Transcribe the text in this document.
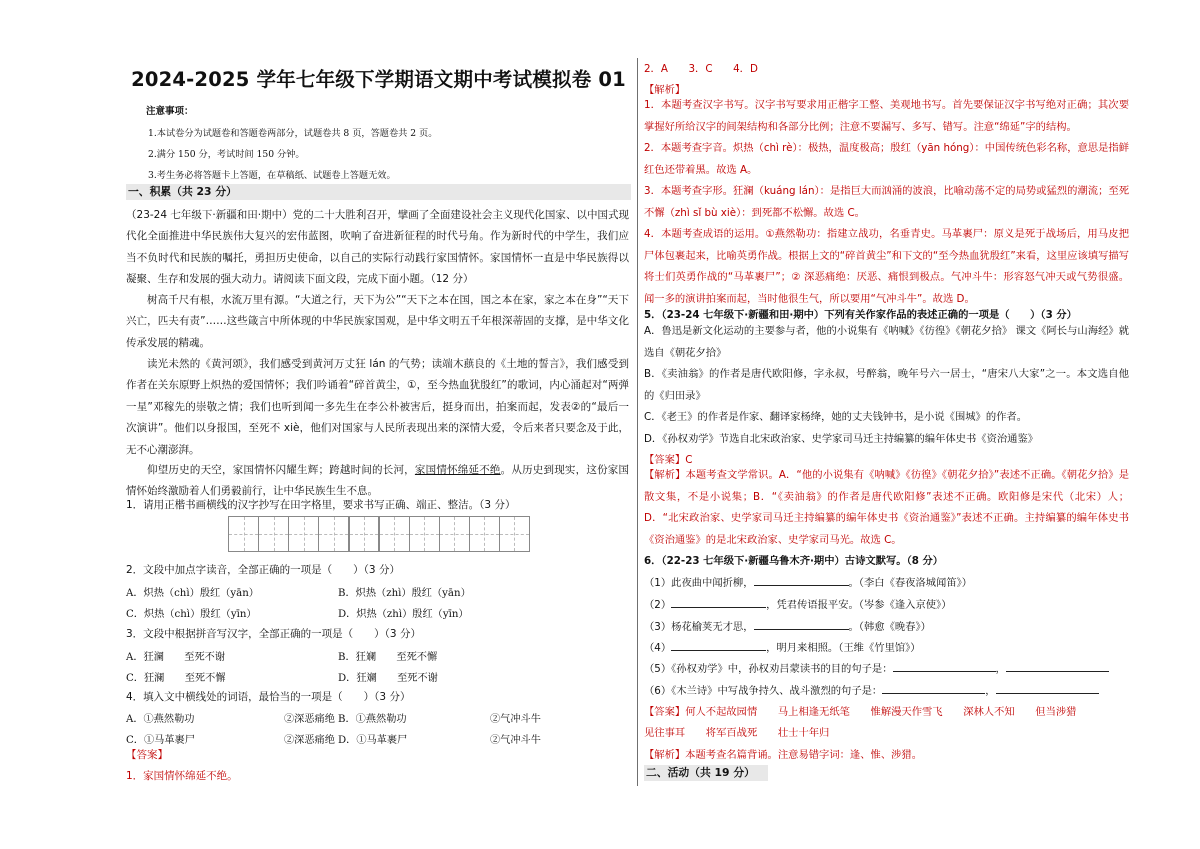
2024-2025 学年七年级下学期语文期中考试模拟卷 01
注意事项：
1.本试卷分为试题卷和答题卷两部分，试题卷共 8 页，答题卷共 2 页。
2.满分 150 分，考试时间 150 分钟。
3.考生务必将答题卡上答题，在草稿纸、试题卷上答题无效。
一、积累（共 23 分）
（23-24 七年级下·新疆和田·期中）党的二十大胜利召开，擘画了全面建设社会主义现代化国家、以中国式现代化全面推进中华民族伟大复兴的宏伟蓝图，吹响了奋进新征程的时代号角。作为新时代的中学生，我们应当不负时代和民族的嘱托，勇担历史使命，以自己的实际行动践行家国情怀。家国情怀一直是中华民族得以凝聚、生存和发展的强大动力。请阅读下面文段，完成下面小题。（12 分）
树高千尺有根，水流万里有源。“大道之行，天下为公”“天下之本在国，国之本在家，家之本在身”“天下兴亡，匹夫有责”……这些箴言中所体现的中华民族家国观，是中华文明五千年根深蒂固的支撑，是中华文化传承发展的精魂。
读光未然的《黄河颂》，我们感受到黄河万丈狂 lán 的气势；读端木蕻良的《土地的誓言》，我们感受到作者在关东原野上炽热的爱国情怀；我们吟诵着“碎首黄尘，①，至今热血犹殷红”的歌词，内心涌起对“两弹一星”邓稼先的崇敬之情；我们也听到闻一多先生在李公朴被害后，挺身而出，拍案而起，发表②的“最后一次演讲”。他们以身报国，至死不 xiè，他们对国家与人民所表现出来的深情大爱，令后来者只要念及于此，无不心潮澎湃。
仰望历史的天空，家国情怀闪耀生辉；跨越时间的长河，家国情怀绵延不绝。从历史到现实，这份家国情怀始终激励着人们勇毅前行，让中华民族生生不息。
1．请用正楷书画横线的汉字抄写在田字格里，要求书写正确、端正、整洁。（3 分）
2．文段中加点字读音，全部正确的一项是（　　）（3 分）
A．炽热（chì）殷红（yān）	B．炽热（zhì）殷红（yān）
C．炽热（chì）殷红（yīn）	D．炽热（zhì）殷红（yīn）
3．文段中根据拼音写汉字，全部正确的一项是（　　）（3 分）
A．狂澜　　至死不谢	B．狂斓　　至死不懈
C．狂澜　　至死不懈	D．狂斓　　至死不谢
4．填入文中横线处的词语，最恰当的一项是（　　）（3 分）
A．①燕然勒功	②深恶痛绝 B．①燕然勒功	②气冲斗牛
C．①马革裹尸	②深恶痛绝 D．①马革裹尸	②气冲斗牛
【答案】
1．家国情怀绵延不绝。
2．A　　3．C　　4．D
【解析】
1．本题考查汉字书写。汉字书写要求用正楷字工整、美观地书写。首先要保证汉字书写绝对正确；其次要掌握好所给汉字的间架结构和各部分比例；注意不要漏写、多写、错写。注意“绵延”字的结构。
2．本题考查字音。炽热（chì rè）：极热，温度极高；殷红（yān hóng）：中国传统色彩名称，意思是指鲜红色还带着黑。故选 A。
3．本题考查字形。狂澜（kuáng lán）：是指巨大而汹涌的波浪，比喻动荡不定的局势或猛烈的潮流；至死不懈（zhì sǐ bù xiè）：到死都不松懈。故选 C。
4．本题考查成语的运用。①燕然勒功：指建立战功，名垂青史。马革裹尸：原义是死于战场后，用马皮把尸体包裹起来，比喻英勇作战。根据上文的“碎首黄尘”和下文的“至今热血犹殷红”来看，这里应该填写描写将士们英勇作战的“马革裹尸”；② 深恶痛绝：厌恶、痛恨到极点。气冲斗牛：形容怒气冲天或气势很盛。闻一多的演讲拍案而起，当时他很生气，所以要用“气冲斗牛”。故选 D。
5．（23-24 七年级下·新疆和田·期中）下列有关作家作品的表述正确的一项是（　　）（3 分）
A．鲁迅是新文化运动的主要参与者，他的小说集有《呐喊》《彷徨》《朝花夕拾》 课文《阿长与山海经》就选自《朝花夕拾》
B．《卖油翁》的作者是唐代欧阳修，字永叔，号醉翁，晚年号六一居士，“唐宋八大家”之一。本文选自他的《归田录》
C．《老王》的作者是作家、翻译家杨绛，她的丈夫钱钟书，是小说《围城》的作者。
D．《孙权劝学》节选自北宋政治家、史学家司马迁主持编纂的编年体史书《资治通鉴》
【答案】C
【解析】本题考查文学常识。A．“他的小说集有《呐喊》《彷徨》《朝花夕拾》”表述不正确。《朝花夕拾》是散文集，不是小说集；B．“《卖油翁》的作者是唐代欧阳修”表述不正确。欧阳修是宋代（北宋）人；D．“北宋政治家、史学家司马迁主持编纂的编年体史书《资治通鉴》”表述不正确。主持编纂的编年体史书《资治通鉴》的是北宋政治家、史学家司马光。故选 C。
6．（22-23 七年级下·新疆乌鲁木齐·期中）古诗文默写。（8 分）
（1）此夜曲中闻折柳，	。（李白《春夜洛城闻笛》）
（2）	，凭君传语报平安。（岑参《逢入京使》）
（3）杨花榆荚无才思，	。（韩愈《晚春》）
（4）	，明月来相照。（王维《竹里馆》）
（5）《孙权劝学》中，孙权劝吕蒙读书的目的句子是：	，
（6）《木兰诗》中写战争持久、战斗激烈的句子是：	，
【答案】何人不起故园情　　马上相逢无纸笔　　惟解漫天作雪飞　　深林人不知　　但当涉猎
见往事耳　　将军百战死　　壮士十年归
【解析】本题考查名篇背诵。注意易错字词：逢、惟、涉猎。
二、活动（共 19 分）
